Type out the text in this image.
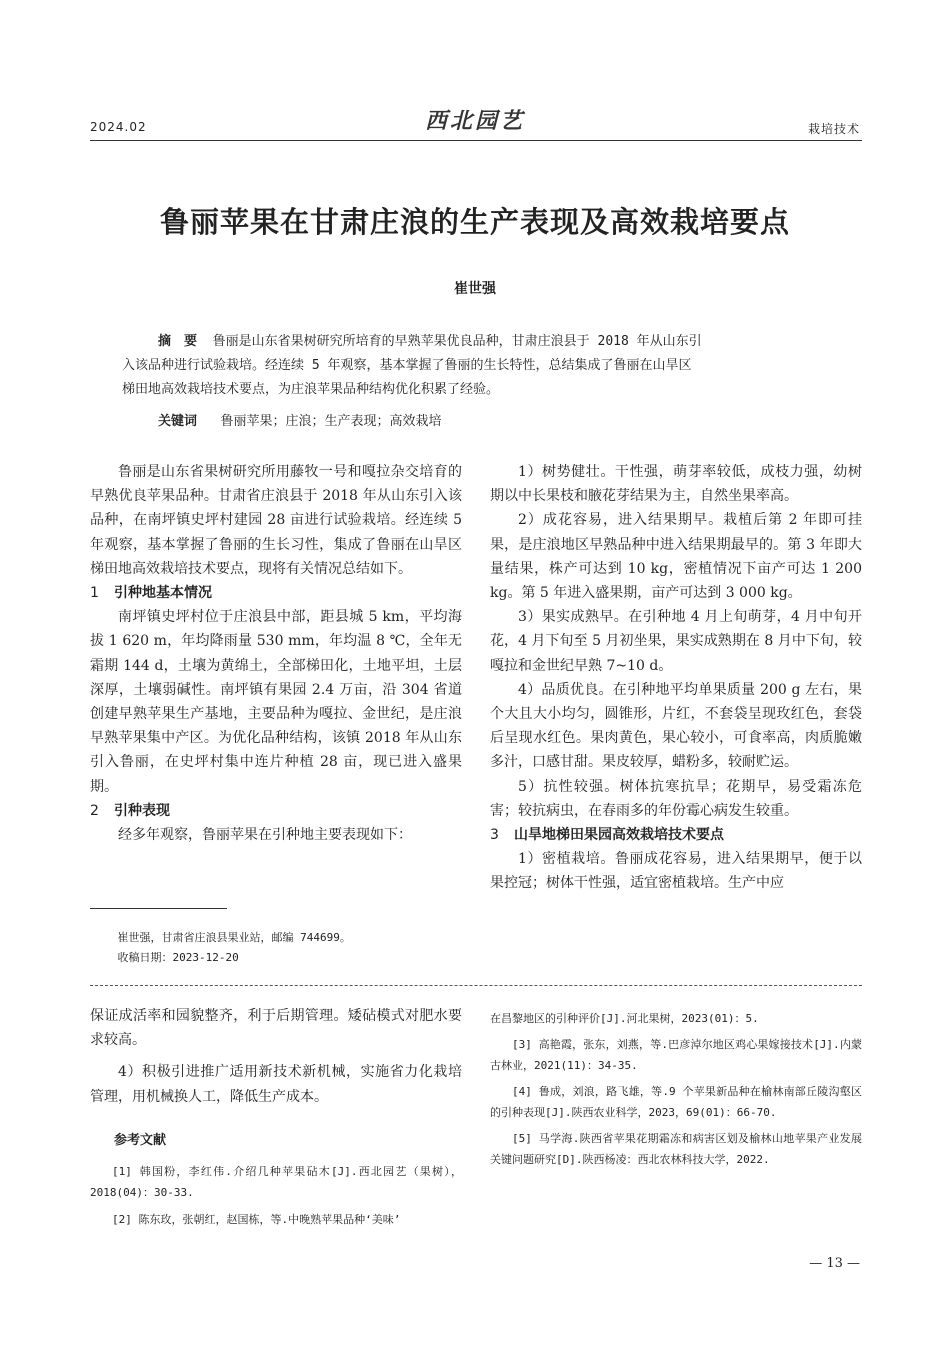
2024.02	西北园艺	栽培技术
鲁丽苹果在甘肃庄浪的生产表现及高效栽培要点
崔世强
摘　要 鲁丽是山东省果树研究所培育的早熟苹果优良品种，甘肃庄浪县于 2018 年从山东引
入该品种进行试验栽培。经连续 5 年观察，基本掌握了鲁丽的生长特性，总结集成了鲁丽在山旱区
梯田地高效栽培技术要点，为庄浪苹果品种结构优化积累了经验。
关键词 鲁丽苹果；庄浪；生产表现；高效栽培

鲁丽是山东省果树研究所用藤牧一号和嘎拉杂交培育的早熟优良苹果品种。甘肃省庄浪县于 2018 年从山东引入该品种，在南坪镇史坪村建园 28 亩进行试验栽培。经连续 5 年观察，基本掌握了鲁丽的生长习性，集成了鲁丽在山旱区梯田地高效栽培技术要点，现将有关情况总结如下。

1 引种地基本情况

南坪镇史坪村位于庄浪县中部，距县城 5 km，平均海拔 1 620 m，年均降雨量 530 mm，年均温 8 ℃，全年无霜期 144 d，土壤为黄绵土，全部梯田化，土地平坦，土层深厚，土壤弱碱性。南坪镇有果园 2.4 万亩，沿 304 省道创建早熟苹果生产基地，主要品种为嘎拉、金世纪，是庄浪早熟苹果集中产区。为优化品种结构，该镇 2018 年从山东引入鲁丽，在史坪村集中连片种植 28 亩，现已进入盛果期。

2 引种表现

经多年观察，鲁丽苹果在引种地主要表现如下：

1）树势健壮。干性强，萌芽率较低，成枝力强，幼树期以中长果枝和腋花芽结果为主，自然坐果率高。

2）成花容易，进入结果期早。栽植后第 2 年即可挂果，是庄浪地区早熟品种中进入结果期最早的。第 3 年即大量结果，株产可达到 10 kg，密植情况下亩产可达 1 200 kg。第 5 年进入盛果期，亩产可达到 3 000 kg。

3）果实成熟早。在引种地 4 月上旬萌芽，4 月中旬开花，4 月下旬至 5 月初坐果，果实成熟期在 8 月中下旬，较嘎拉和金世纪早熟 7~10 d。

4）品质优良。在引种地平均单果质量 200 g 左右，果个大且大小均匀，圆锥形，片红，不套袋呈现玫红色，套袋后呈现水红色。果肉黄色，果心较小，可食率高，肉质脆嫩多汁，口感甘甜。果皮较厚，蜡粉多，较耐贮运。

5）抗性较强。树体抗寒抗旱；花期早，易受霜冻危害；较抗病虫，在春雨多的年份霉心病发生较重。

3 山旱地梯田果园高效栽培技术要点

1）密植栽培。鲁丽成花容易，进入结果期早，便于以果控冠；树体干性强，适宜密植栽培。生产中应

崔世强，甘肃省庄浪县果业站，邮编 744699。
收稿日期：2023-12-20
保证成活率和园貌整齐，利于后期管理。矮砧模式对肥水要求较高。

4）积极引进推广适用新技术新机械，实施省力化栽培管理，用机械换人工，降低生产成本。

参考文献

[1] 韩国粉，李红伟.介绍几种苹果砧木[J].西北园艺（果树），2018(04)：30-33.

[2] 陈东玫，张朝红，赵国栋，等.中晚熟苹果品种‘美味’

在昌黎地区的引种评价[J].河北果树，2023(01)：5.

[3] 高艳霞，张东，刘燕，等.巴彦淖尔地区鸡心果嫁接技术[J].内蒙古林业，2021(11)：34-35.

[4] 鲁成，刘浪，路飞雄，等.9 个苹果新品种在榆林南部丘陵沟壑区的引种表现[J].陕西农业科学，2023，69(01)：66-70.

[5] 马学海.陕西省苹果花期霜冻和病害区划及榆林山地苹果产业发展关键问题研究[D].陕西杨凌：西北农林科技大学，2022.

— 13 —
